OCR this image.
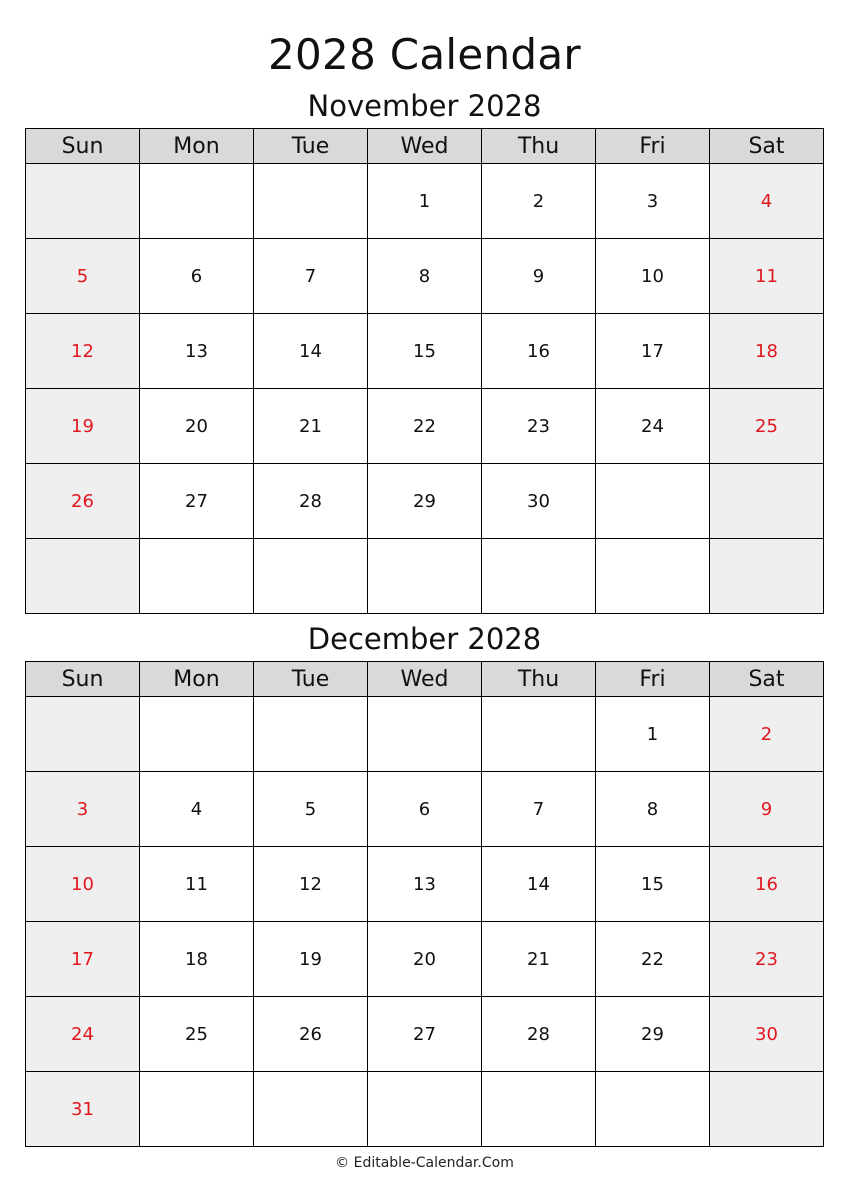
2028 Calendar
November 2028
Sun	Mon	Tue	Wed	Thu	Fri	Sat
			1	2	3	4
5	6	7	8	9	10	11
12	13	14	15	16	17	18
19	20	21	22	23	24	25
26	27	28	29	30		

December 2028
Sun	Mon	Tue	Wed	Thu	Fri	Sat
					1	2
3	4	5	6	7	8	9
10	11	12	13	14	15	16
17	18	19	20	21	22	23
24	25	26	27	28	29	30
31						
© Editable-Calendar.Com
